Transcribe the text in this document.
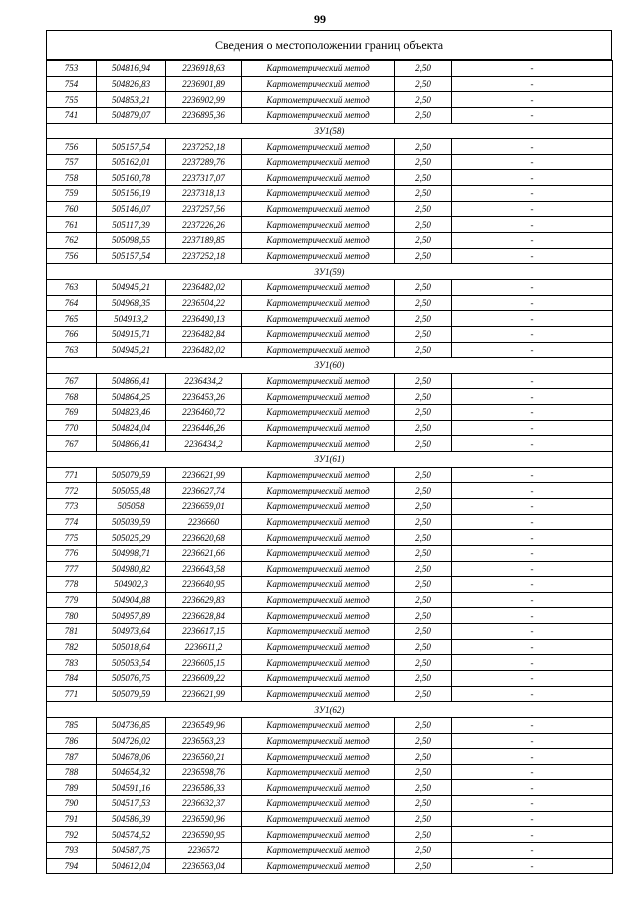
99
Сведения о местоположении границ объекта
753	504816,94	2236918,63	Картометрический метод	2,50	-
754	504826,83	2236901,89	Картометрический метод	2,50	-
755	504853,21	2236902,99	Картометрический метод	2,50	-
741	504879,07	2236895,36	Картометрический метод	2,50	-
ЗУ1(58)					
756	505157,54	2237252,18	Картометрический метод	2,50	-
757	505162,01	2237289,76	Картометрический метод	2,50	-
758	505160,78	2237317,07	Картометрический метод	2,50	-
759	505156,19	2237318,13	Картометрический метод	2,50	-
760	505146,07	2237257,56	Картометрический метод	2,50	-
761	505117,39	2237226,26	Картометрический метод	2,50	-
762	505098,55	2237189,85	Картометрический метод	2,50	-
756	505157,54	2237252,18	Картометрический метод	2,50	-
ЗУ1(59)					
763	504945,21	2236482,02	Картометрический метод	2,50	-
764	504968,35	2236504,22	Картометрический метод	2,50	-
765	504913,2	2236490,13	Картометрический метод	2,50	-
766	504915,71	2236482,84	Картометрический метод	2,50	-
763	504945,21	2236482,02	Картометрический метод	2,50	-
ЗУ1(60)					
767	504866,41	2236434,2	Картометрический метод	2,50	-
768	504864,25	2236453,26	Картометрический метод	2,50	-
769	504823,46	2236460,72	Картометрический метод	2,50	-
770	504824,04	2236446,26	Картометрический метод	2,50	-
767	504866,41	2236434,2	Картометрический метод	2,50	-
ЗУ1(61)					
771	505079,59	2236621,99	Картометрический метод	2,50	-
772	505055,48	2236627,74	Картометрический метод	2,50	-
773	505058	2236659,01	Картометрический метод	2,50	-
774	505039,59	2236660	Картометрический метод	2,50	-
775	505025,29	2236620,68	Картометрический метод	2,50	-
776	504998,71	2236621,66	Картометрический метод	2,50	-
777	504980,82	2236643,58	Картометрический метод	2,50	-
778	504902,3	2236640,95	Картометрический метод	2,50	-
779	504904,88	2236629,83	Картометрический метод	2,50	-
780	504957,89	2236628,84	Картометрический метод	2,50	-
781	504973,64	2236617,15	Картометрический метод	2,50	-
782	505018,64	2236611,2	Картометрический метод	2,50	-
783	505053,54	2236605,15	Картометрический метод	2,50	-
784	505076,75	2236609,22	Картометрический метод	2,50	-
771	505079,59	2236621,99	Картометрический метод	2,50	-
ЗУ1(62)					
785	504736,85	2236549,96	Картометрический метод	2,50	-
786	504726,02	2236563,23	Картометрический метод	2,50	-
787	504678,06	2236560,21	Картометрический метод	2,50	-
788	504654,32	2236598,76	Картометрический метод	2,50	-
789	504591,16	2236586,33	Картометрический метод	2,50	-
790	504517,53	2236632,37	Картометрический метод	2,50	-
791	504586,39	2236590,96	Картометрический метод	2,50	-
792	504574,52	2236590,95	Картометрический метод	2,50	-
793	504587,75	2236572	Картометрический метод	2,50	-
794	504612,04	2236563,04	Картометрический метод	2,50	-
